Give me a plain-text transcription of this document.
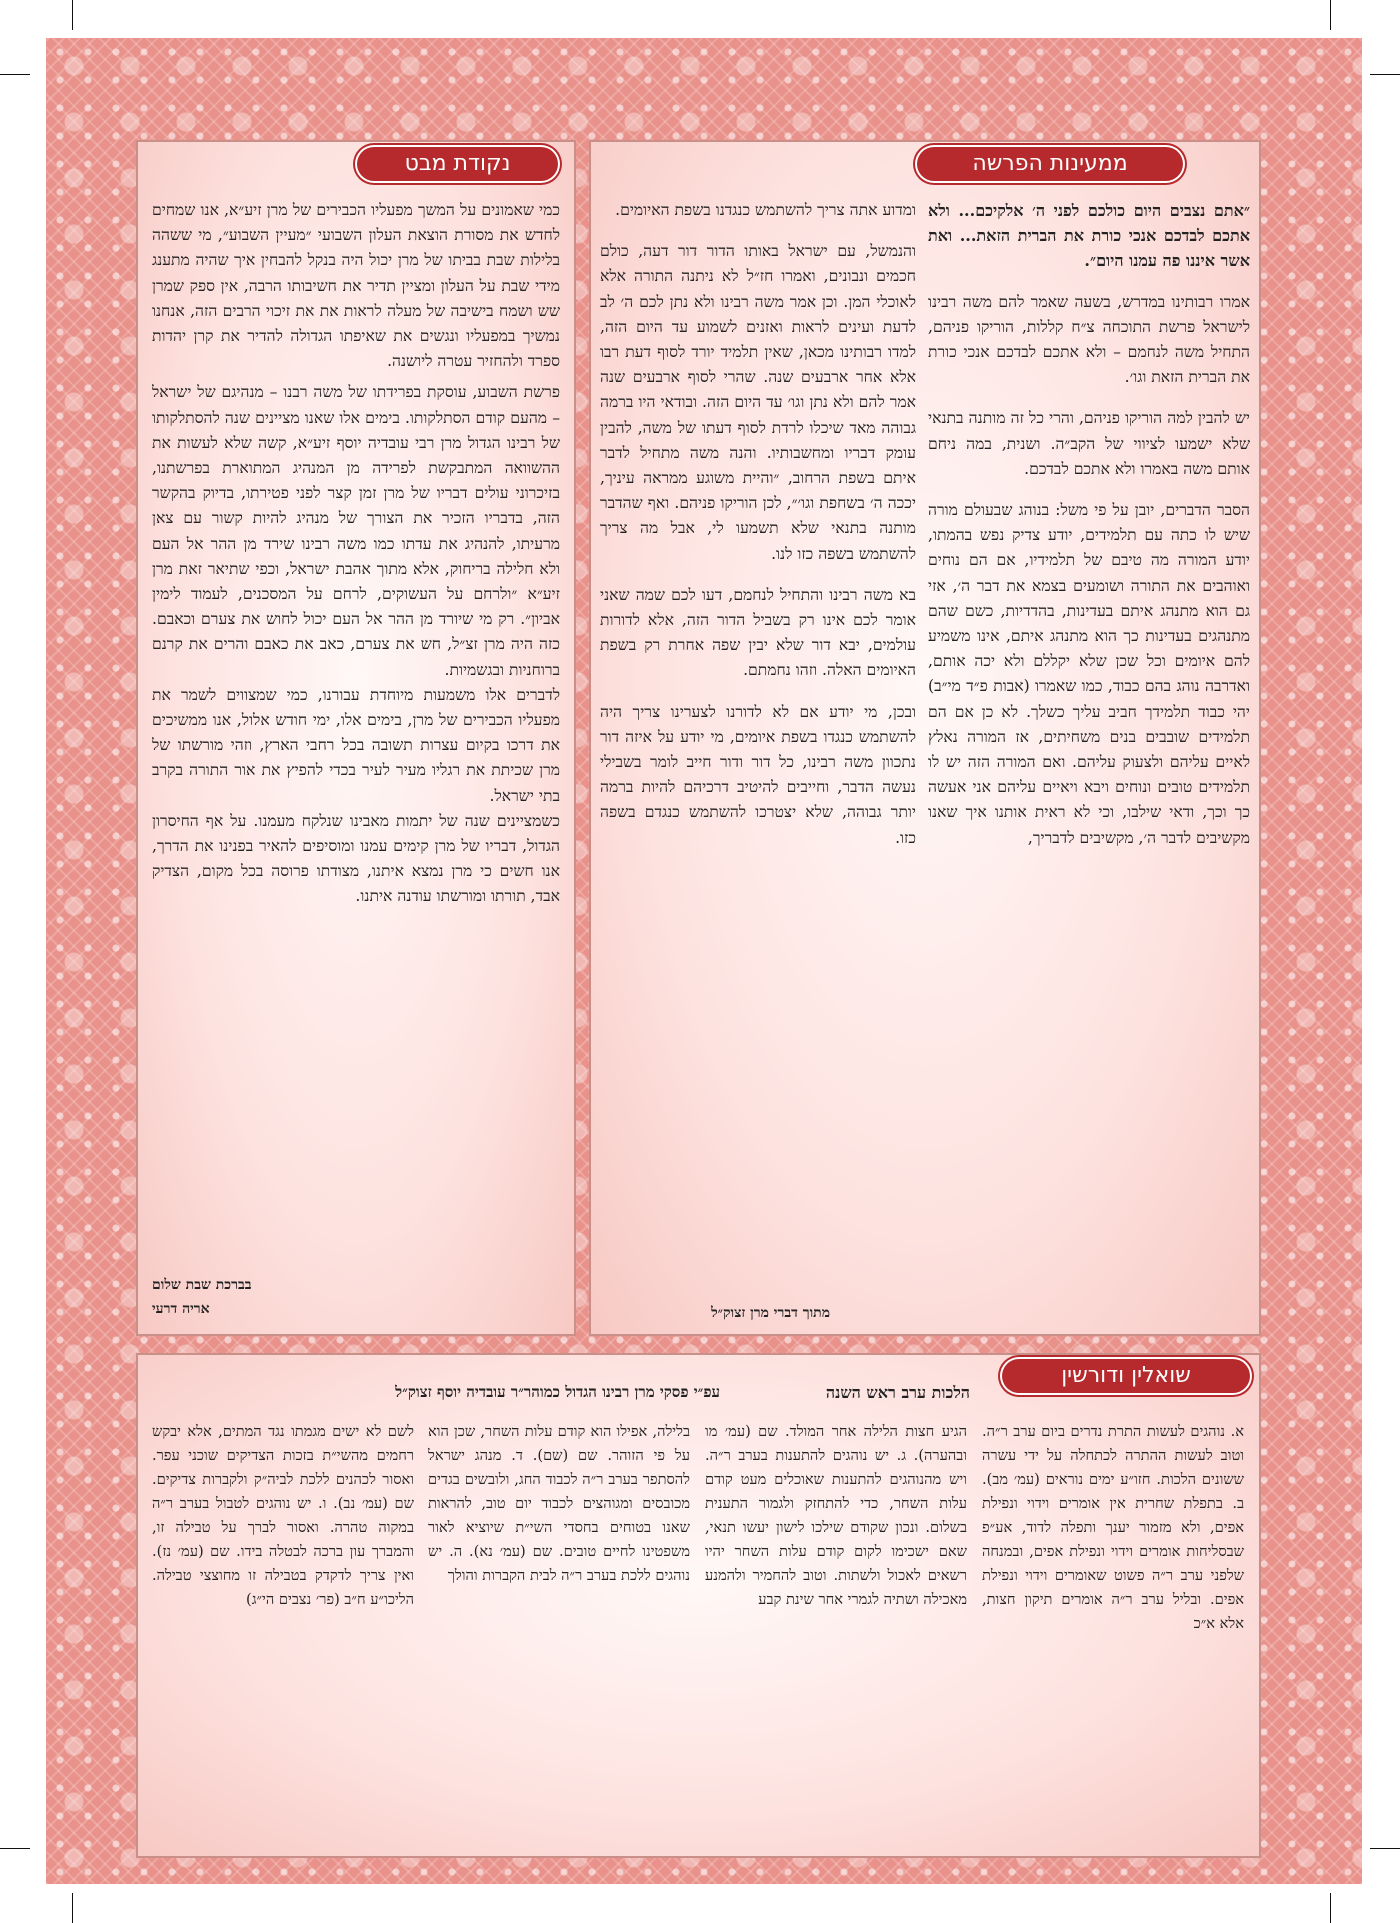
ממעינות הפרשה

״אתם נצבים היום כולכם לפני ה׳ אלקיכם... ולא אתכם לבדכם אנכי כורת את הברית הזאת... ואת אשר איננו פה עמנו היום״.

אמרו רבותינו במדרש, בשעה שאמר להם משה רבינו לישראל פרשת התוכחה צ״ח קללות, הוריקו פניהם, התחיל משה לנחמם – ולא אתכם לבדכם אנכי כורת את הברית הזאת וגו׳.

יש להבין למה הוריקו פניהם, והרי כל זה מותנה בתנאי שלא ישמעו לציווי של הקב״ה. ושנית, במה ניחם אותם משה באמרו ולא אתכם לבדכם.

הסבר הדברים, יובן על פי משל: בנוהג שבעולם מורה שיש לו כתה עם תלמידים, יודע צדיק נפש בהמתו, יודע המורה מה טיבם של תלמידיו, אם הם נוחים ואוהבים את התורה ושומעים בצמא את דבר ה׳, אזי גם הוא מתנהג איתם בעדינות, בהדדיות, כשם שהם מתנהגים בעדינות כך הוא מתנהג איתם, אינו משמיע להם איומים וכל שכן שלא יקללם ולא יכה אותם, ואדרבה נוהג בהם כבוד, כמו שאמרו (אבות פ״ד מי״ב) יהי כבוד תלמידך חביב עליך כשלך. לא כן אם הם תלמידים שובבים בנים משחיתים, אז המורה נאלץ לאיים עליהם ולצעוק עליהם. ואם המורה הזה יש לו תלמידים טובים ונוחים ויבא ויאיים עליהם אני אעשה כך וכך, ודאי שילבו, וכי לא ראית אותנו איך שאנו מקשיבים לדבר ה׳, מקשיבים לדבריך,

ומדוע אתה צריך להשתמש כנגדנו בשפת האיומים.

והנמשל, עם ישראל באותו הדור דור דעה, כולם חכמים ונבונים, ואמרו חז״ל לא ניתנה התורה אלא לאוכלי המן. וכן אמר משה רבינו ולא נתן לכם ה׳ לב לדעת ועינים לראות ואזנים לשמוע עד היום הזה, למדו רבותינו מכאן, שאין תלמיד יורד לסוף דעת רבו אלא אחר ארבעים שנה. שהרי לסוף ארבעים שנה אמר להם ולא נתן וגו׳ עד היום הזה. ובודאי היו ברמה גבוהה מאד שיכלו לרדת לסוף דעתו של משה, להבין עומק דבריו ומחשבותיו. והנה משה מתחיל לדבר איתם בשפת הרחוב, ״והיית משוגע ממראה עיניך, יככה ה׳ בשחפת וגו׳״, לכן הוריקו פניהם. ואף שהדבר מותנה בתנאי שלא תשמעו לי, אבל מה צריך להשתמש בשפה כזו לנו.

בא משה רבינו והתחיל לנחמם, דעו לכם שמה שאני אומר לכם אינו רק בשביל הדור הזה, אלא לדורות עולמים, יבא דור שלא יבין שפה אחרת רק בשפת האיומים האלה. וזהו נחמתם.

ובכן, מי יודע אם לא לדורנו לצערינו צריך היה להשתמש כנגדו בשפת איומים, מי יודע על איזה דור נתכוון משה רבינו, כל דור ודור חייב לומר בשבילי נעשה הדבר, וחייבים להיטיב דרכיהם להיות ברמה יותר גבוהה, שלא יצטרכו להשתמש כנגדם בשפה כזו.

מתוך דברי מרן זצוק״ל
נקודת מבט

כמי שאמונים על המשך מפעליו הכבירים של מרן זיע״א, אנו שמחים לחדש את מסורת הוצאת העלון השבועי ״מעיין השבוע״, מי ששהה בלילות שבת בביתו של מרן יכול היה בנקל להבחין איך שהיה מתענג מידי שבת על העלון ומציין תדיר את חשיבותו הרבה, אין ספק שמרן שש ושמח בישיבה של מעלה לראות את את זיכוי הרבים הזה, אנחנו נמשיך במפעליו ונגשים את שאיפתו הגדולה להדיר את קרן יהדות ספרד ולהחזיר עטרה ליושנה.

פרשת השבוע, עוסקת בפרידתו של משה רבנו – מנהיגם של ישראל – מהעם קודם הסתלקותו. בימים אלו שאנו מציינים שנה להסתלקותו של רבינו הגדול מרן רבי עובדיה יוסף זיע״א, קשה שלא לעשות את ההשוואה המתבקשת לפרידה מן המנהיג המתוארת בפרשתנו, בזיכרוני עולים דבריו של מרן זמן קצר לפני פטירתו, בדיוק בהקשר הזה, בדבריו הזכיר את הצורך של מנהיג להיות קשור עם צאן מרעיתו, להנהיג את עדתו כמו משה רבינו שירד מן ההר אל העם ולא חלילה בריחוק, אלא מתוך אהבת ישראל, וכפי שתיאר זאת מרן זיע״א ״ולרחם על העשוקים, לרחם על המסכנים, לעמוד לימין אביון״. רק מי שיורד מן ההר אל העם יכול לחוש את צערם וכאבם. כזה היה מרן זצ״ל, חש את צערם, כאב את כאבם והרים את קרנם ברוחניות ובגשמיות.

לדברים אלו משמעות מיוחדת עבורנו, כמי שמצווים לשמר את מפעליו הכבירים של מרן, בימים אלו, ימי חודש אלול, אנו ממשיכים את דרכו בקיום עצרות תשובה בכל רחבי הארץ, וזהי מורשתו של מרן שכיתת את רגליו מעיר לעיר בכדי להפיץ את אור התורה בקרב בתי ישראל.

כשמציינים שנה של יתמות מאבינו שנלקח מעמנו. על אף החיסרון הגדול, דבריו של מרן קימים עמנו ומוסיפים להאיר בפנינו את הדרך, אנו חשים כי מרן נמצא איתנו, מצודתו פרוסה בכל מקום, הצדיק אבד, תורתו ומורשתו עודנה איתנו.

בברכת שבת שלום
אריה דרעי
שואלין ודורשין
הלכות ערב ראש השנה
עפ״י פסקי מרן רבינו הגדול כמוהר״ר עובדיה יוסף זצוק״ל

א. נוהגים לעשות התרת נדרים ביום ערב ר״ה. וטוב לעשות ההתרה לכתחלה על ידי עשרה ששונים הלכות. חזו״ע ימים נוראים (עמ׳ מב). ב. בתפלת שחרית אין אומרים וידוי ונפילת אפים, ולא מזמור יענך ותפלה לדוד, אע״פ שבסליחות אומרים וידוי ונפילת אפים, ובמנחה שלפני ערב ר״ה פשוט שאומרים וידוי ונפילת אפים. ובליל ערב ר״ה אומרים תיקון חצות, אלא א״כ

הגיע חצות הלילה אחר המולד. שם (עמ׳ מו ובהערה). ג. יש נוהגים להתענות בערב ר״ה. ויש מהנוהגים להתענות שאוכלים מעט קודם עלות השחר, כדי להתחזק ולגמור התענית בשלום. ונכון שקודם שילכו לישון יעשו תנאי, שאם ישכימו לקום קודם עלות השחר יהיו רשאים לאכול ולשתות. וטוב להחמיר ולהמנע מאכילה ושתיה לגמרי אחר שינת קבע

בלילה, אפילו הוא קודם עלות השחר, שכן הוא על פי הזוהר. שם (שם). ד. מנהג ישראל להסתפר בערב ר״ה לכבוד החג, ולובשים בגדים מכובסים ומגוהצים לכבוד יום טוב, להראות שאנו בטוחים בחסדי השי״ת שיוציא לאור משפטינו לחיים טובים. שם (עמ׳ נא). ה. יש נוהגים ללכת בערב ר״ה לבית הקברות והולך

לשם לא ישים מגמתו נגד המתים, אלא יבקש רחמים מהשי״ת בזכות הצדיקים שוכני עפר. ואסור לכהנים ללכת לביה״ק ולקברות צדיקים. שם (עמ׳ נב). ו. יש נוהגים לטבול בערב ר״ה במקוה טהרה. ואסור לברך על טבילה זו, והמברך עון ברכה לבטלה בידו. שם (עמ׳ נז). ואין צריך לדקדק בטבילה זו מחוצצי טבילה. הליכו״ע ח״ב (פר׳ נצבים הי״ג)
